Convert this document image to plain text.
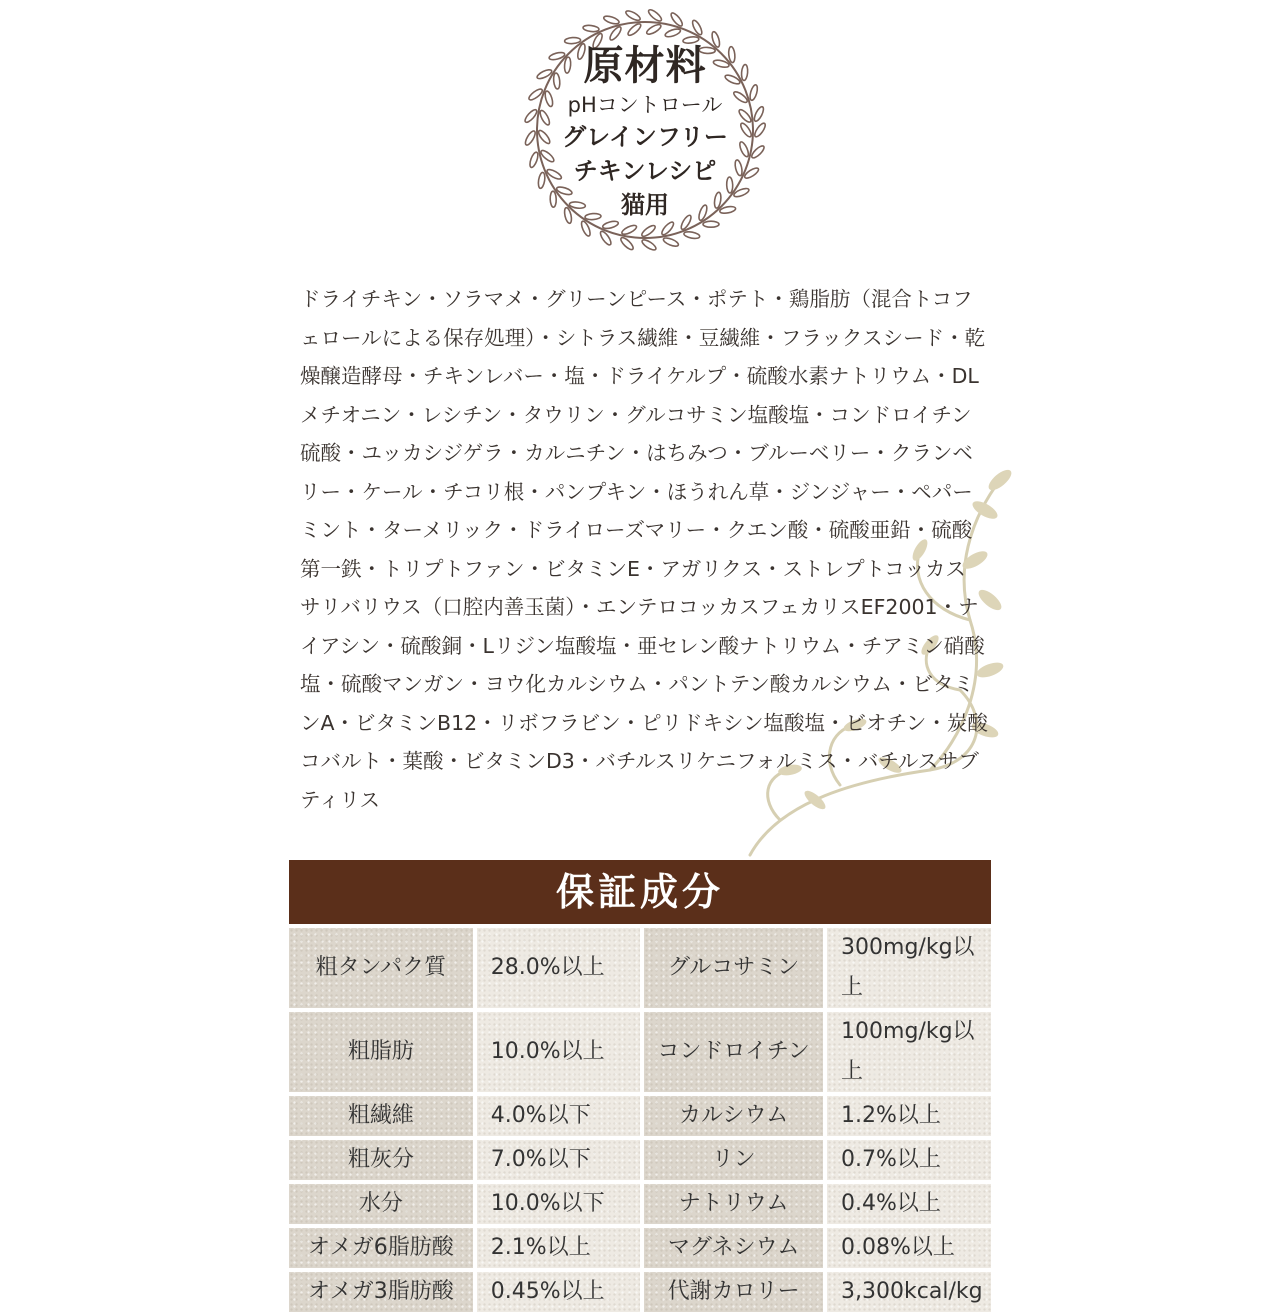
原材料
pHコントロール
グレインフリー
チキンレシピ
猫用
ドライチキン・ソラマメ・グリーンピース・ポテト・鶏脂肪（混合トコフェロールによる保存処理）・シトラス繊維・豆繊維・フラックスシード・乾燥醸造酵母・チキンレバー・塩・ドライケルプ・硫酸水素ナトリウム・DLメチオニン・レシチン・タウリン・グルコサミン塩酸塩・コンドロイチン硫酸・ユッカシジゲラ・カルニチン・はちみつ・ブルーベリー・クランベリー・ケール・チコリ根・パンプキン・ほうれん草・ジンジャー・ペパーミント・ターメリック・ドライローズマリー・クエン酸・硫酸亜鉛・硫酸第一鉄・トリプトファン・ビタミンE・アガリクス・ストレプトコッカス　サリバリウス（口腔内善玉菌）・エンテロコッカスフェカリスEF2001・ナイアシン・硫酸銅・Lリジン塩酸塩・亜セレン酸ナトリウム・チアミン硝酸塩・硫酸マンガン・ヨウ化カルシウム・パントテン酸カルシウム・ビタミンA・ビタミンB12・リボフラビン・ピリドキシン塩酸塩・ビオチン・炭酸コバルト・葉酸・ビタミンD3・バチルスリケニフォルミス・バチルスサブティリス
保証成分
粗タンパク質	28.0%以上	グルコサミン	300mg/kg以上
粗脂肪	10.0%以上	コンドロイチン	100mg/kg以上
粗繊維	4.0%以下	カルシウム	1.2%以上
粗灰分	7.0%以下	リン	0.7%以上
水分	10.0%以下	ナトリウム	0.4%以上
オメガ6脂肪酸	2.1%以上	マグネシウム	0.08%以上
オメガ3脂肪酸	0.45%以上	代謝カロリー	3,300kcal/kg
